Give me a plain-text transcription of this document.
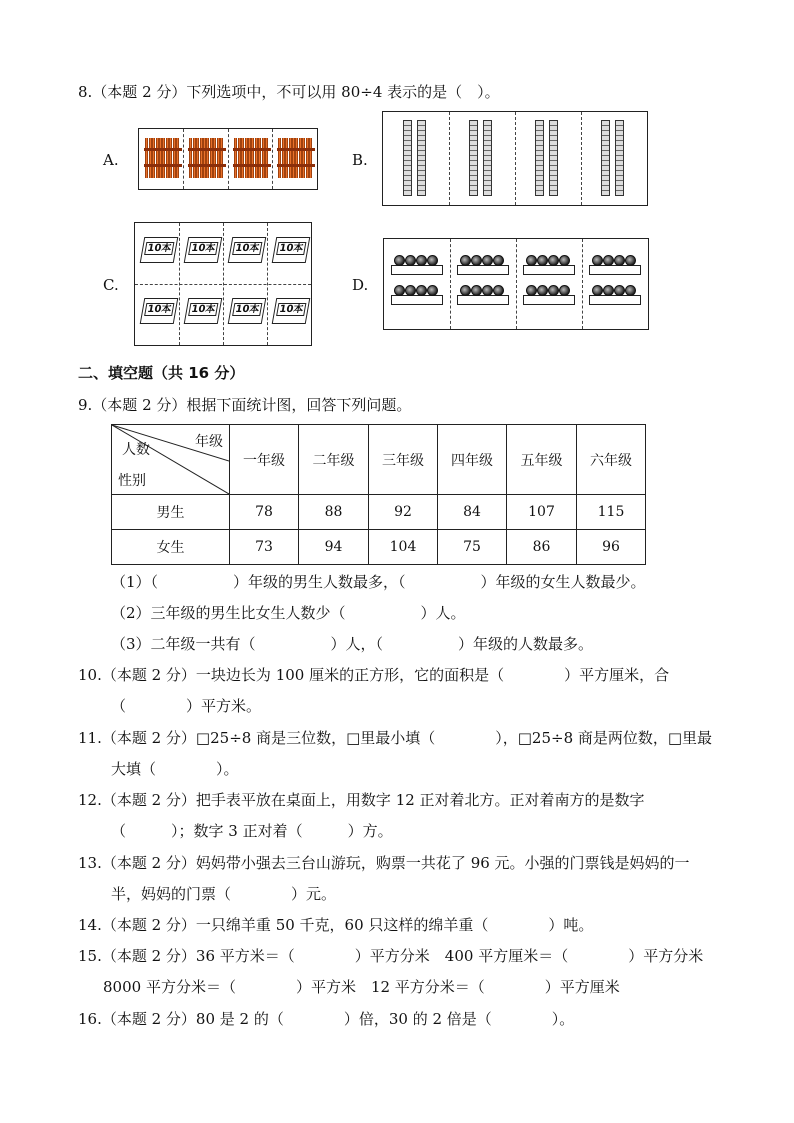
8.（本题 2 分）下列选项中，不可以用 80÷4 表示的是（　）。
A.	B.
C.
10本	10本	10本	10本
10本	10本	10本	10本
D.
二、填空题（共 16 分）
9.（本题 2 分）根据下面统计图，回答下列问题。
年级
人数
性别	一年级	二年级	三年级	四年级	五年级	六年级
男生	78	88	92	84	107	115
女生	73	94	104	75	86	96
（1）（　　　　　）年级的男生人数最多，（　　　　　）年级的女生人数最少。
（2）三年级的男生比女生人数少（　　　　　）人。
（3）二年级一共有（　　　　　）人，（　　　　　）年级的人数最多。
10.（本题 2 分）一块边长为 100 厘米的正方形，它的面积是（　　　　）平方厘米，合
（　　　　）平方米。
11.（本题 2 分）□25÷8 商是三位数，□里最小填（　　　　），□25÷8 商是两位数，□里最
大填（　　　　）。
12.（本题 2 分）把手表平放在桌面上，用数字 12 正对着北方。正对着南方的是数字
（　　　）；数字 3 正对着（　　　）方。
13.（本题 2 分）妈妈带小强去三台山游玩，购票一共花了 96 元。小强的门票钱是妈妈的一
半，妈妈的门票（　　　　）元。
14.（本题 2 分）一只绵羊重 50 千克，60 只这样的绵羊重（　　　　）吨。
15.（本题 2 分）36 平方米＝（　　　　）平方分米　400 平方厘米＝（　　　　）平方分米
8000 平方分米＝（　　　　）平方米　12 平方分米＝（　　　　）平方厘米
16.（本题 2 分）80 是 2 的（　　　　）倍，30 的 2 倍是（　　　　）。
